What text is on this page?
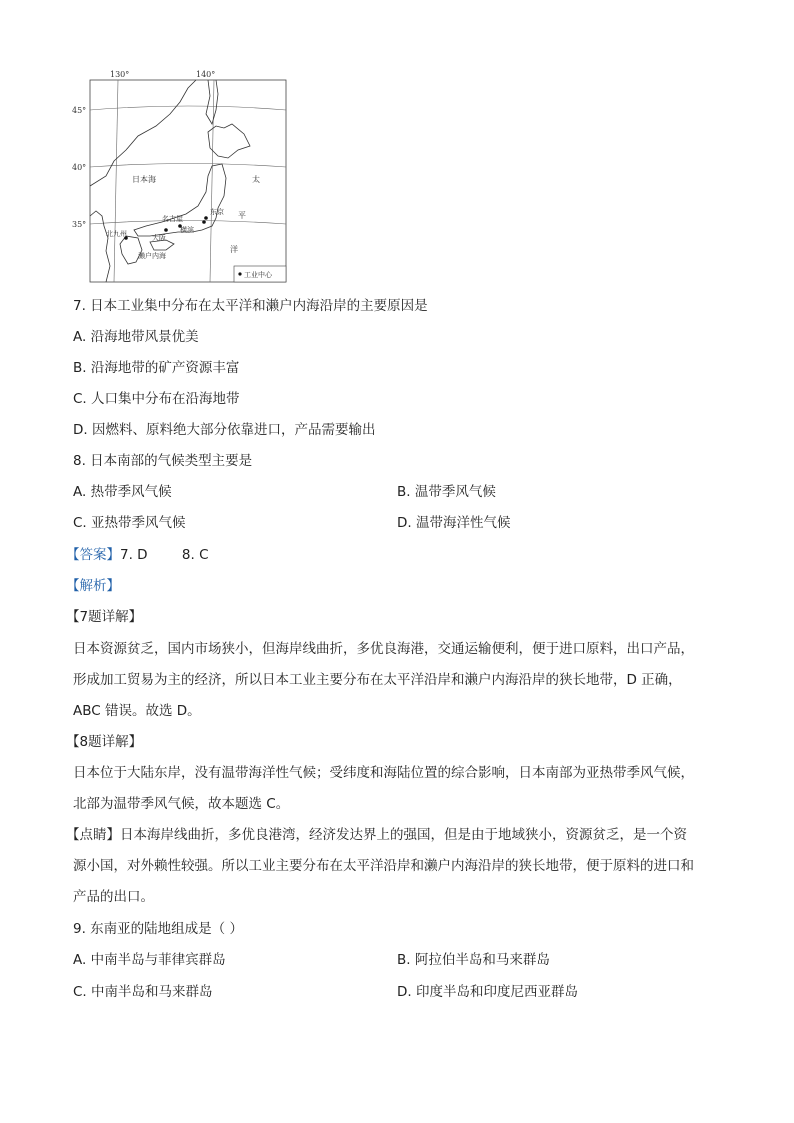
130°	140°
45°
40°
35°
日本海	太
平
洋
名古屋
东京
大阪
横滨
北九州
濑户内海
工业中心
7. 日本工业集中分布在太平洋和濑户内海沿岸的主要原因是
A. 沿海地带风景优美
B. 沿海地带的矿产资源丰富
C. 人口集中分布在沿海地带
D. 因燃料、原料绝大部分依靠进口，产品需要输出
8. 日本南部的气候类型主要是
A. 热带季风气候	B. 温带季风气候
C. 亚热带季风气候	D. 温带海洋性气候
【答案】7. D        8. C
【解析】
【7题详解】
日本资源贫乏，国内市场狭小，但海岸线曲折，多优良海港，交通运输便利，便于进口原料，出口产品，
形成加工贸易为主的经济，所以日本工业主要分布在太平洋沿岸和濑户内海沿岸的狭长地带，D 正确，
ABC 错误。故选 D。
【8题详解】
日本位于大陆东岸，没有温带海洋性气候；受纬度和海陆位置的综合影响，日本南部为亚热带季风气候，
北部为温带季风气候，故本题选 C。
【点睛】日本海岸线曲折，多优良港湾，经济发达界上的强国，但是由于地域狭小，资源贫乏，是一个资
源小国，对外赖性较强。所以工业主要分布在太平洋沿岸和濑户内海沿岸的狭长地带，便于原料的进口和
产品的出口。
9. 东南亚的陆地组成是（ ）
A. 中南半岛与菲律宾群岛	B. 阿拉伯半岛和马来群岛
C. 中南半岛和马来群岛	D. 印度半岛和印度尼西亚群岛
